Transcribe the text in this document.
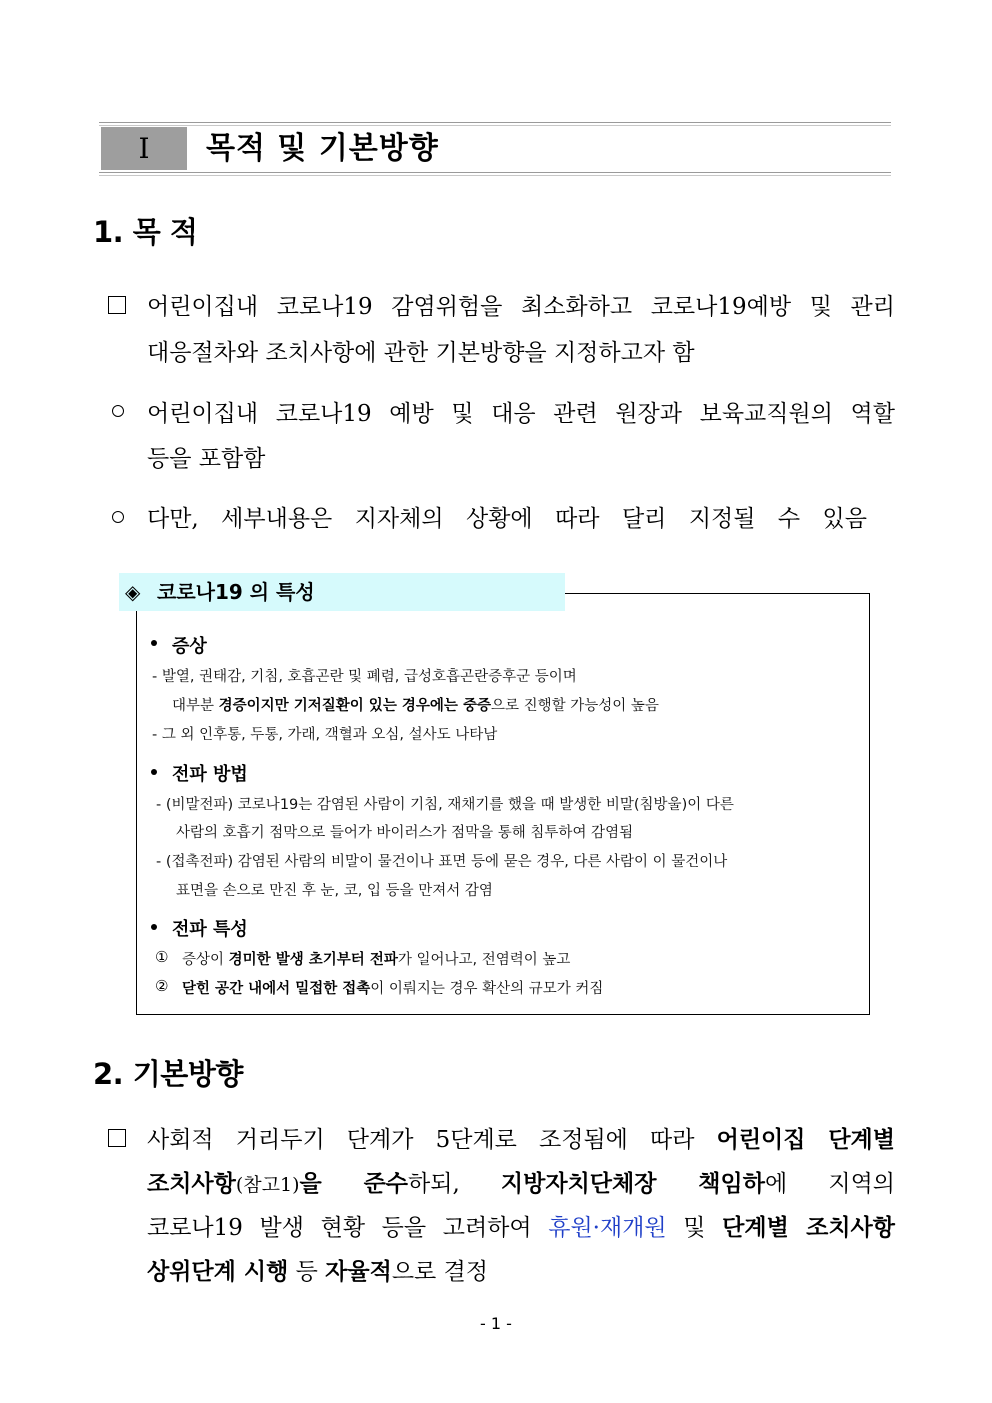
Ⅰ	목적 및 기본방향
1. 목 적
어린이집내 코로나19 감염위험을 최소화하고 코로나19예방 및 관리
대응절차와 조치사항에 관한 기본방향을 지정하고자 함
어린이집내 코로나19 예방 및 대응 관련 원장과 보육교직원의 역할
등을 포함함
다만, 세부내용은 지자체의 상황에 따라 달리 지정될 수 있음
◈ 코로나19 의 특성
증상
- 발열, 권태감, 기침, 호흡곤란 및 폐렴, 급성호흡곤란증후군 등이며
대부분 경증이지만 기저질환이 있는 경우에는 중증으로 진행할 가능성이 높음
- 그 외 인후통, 두통, 가래, 객혈과 오심, 설사도 나타남
전파 방법
- (비말전파) 코로나19는 감염된 사람이 기침, 재채기를 했을 때 발생한 비말(침방울)이 다른
사람의 호흡기 점막으로 들어가 바이러스가 점막을 통해 침투하여 감염됨
- (접촉전파) 감염된 사람의 비말이 물건이나 표면 등에 묻은 경우, 다른 사람이 이 물건이나
표면을 손으로 만진 후 눈, 코, 입 등을 만져서 감염
전파 특성
① 증상이 경미한 발생 초기부터 전파가 일어나고, 전염력이 높고
② 닫힌 공간 내에서 밀접한 접촉이 이뤄지는 경우 확산의 규모가 커짐
2. 기본방향
사회적 거리두기 단계가 5단계로 조정됨에 따라 어린이집 단계별
조치사항(참고1)을 준수하되, 지방자치단체장 책임하에 지역의
코로나19 발생 현황 등을 고려하여 휴원·재개원 및 단계별 조치사항
상위단계 시행 등 자율적으로 결정
- 1 -
